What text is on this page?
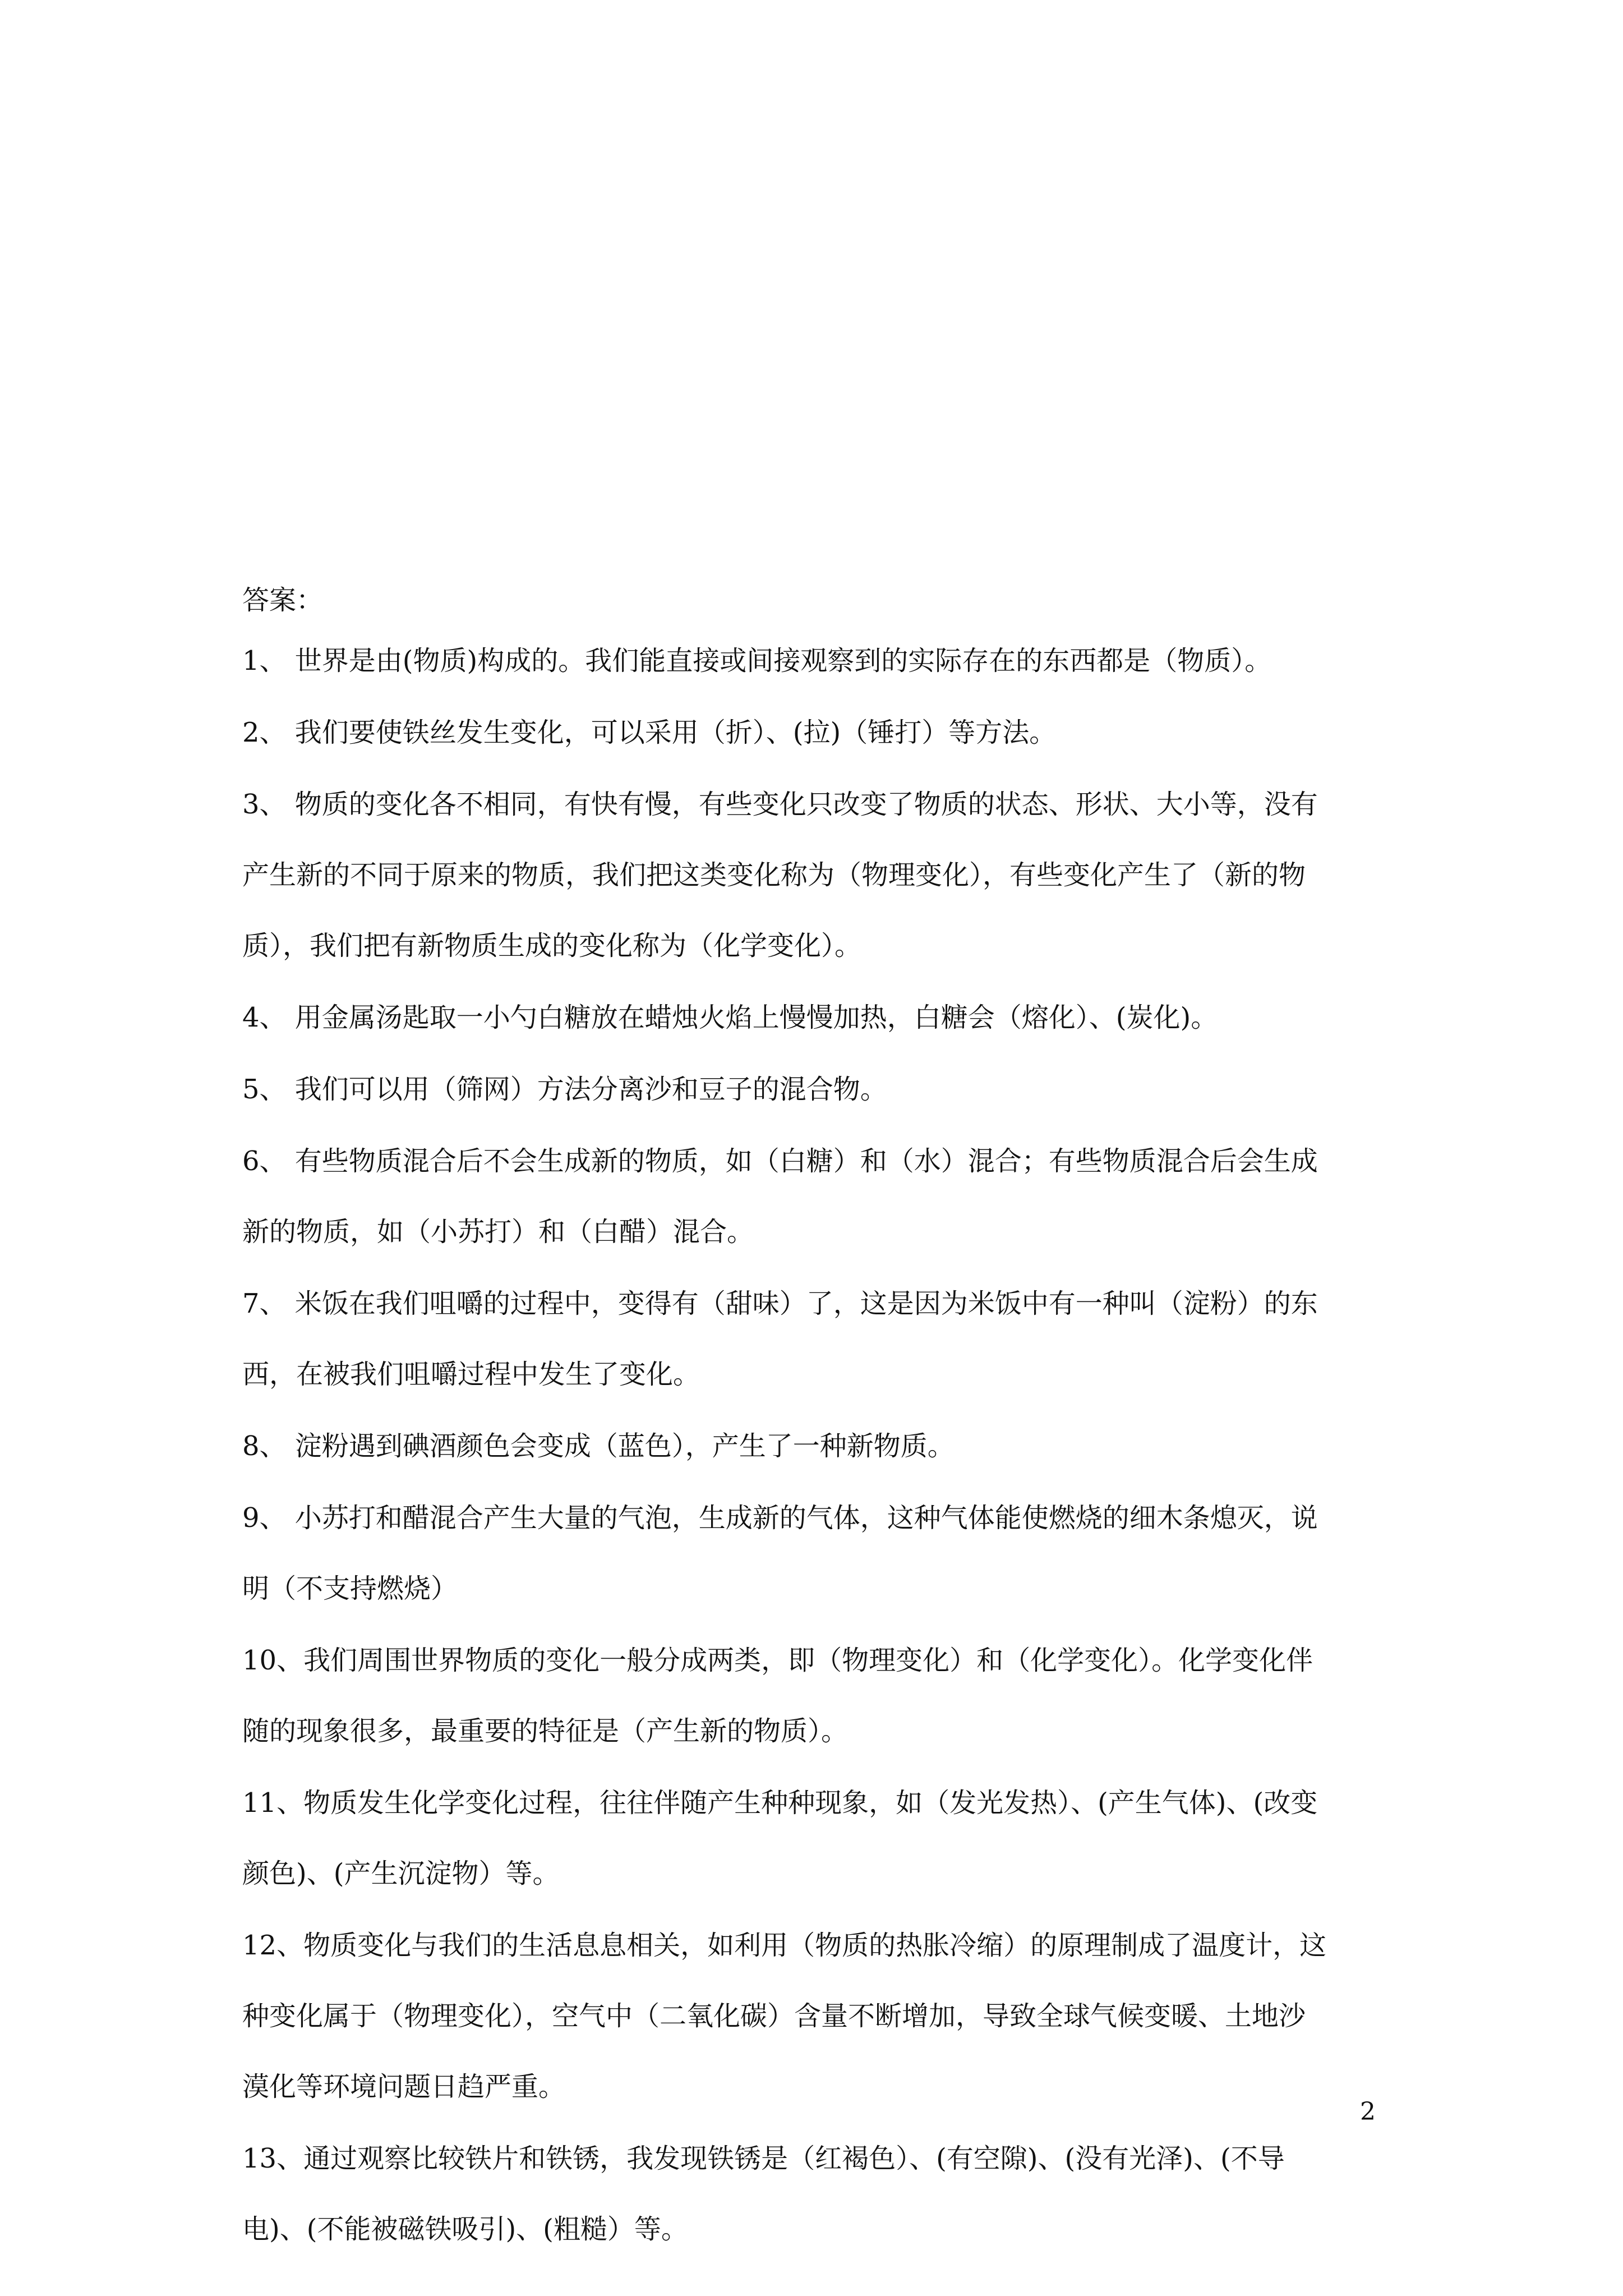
答案：

1、 世界是由(物质)构成的。我们能直接或间接观察到的实际存在的东西都是（物质）。

2、 我们要使铁丝发生变化，可以采用（折）、(拉)（锤打）等方法。

3、 物质的变化各不相同，有快有慢，有些变化只改变了物质的状态、形状、大小等，没有

产生新的不同于原来的物质，我们把这类变化称为（物理变化），有些变化产生了（新的物

质），我们把有新物质生成的变化称为（化学变化）。

4、 用金属汤匙取一小勺白糖放在蜡烛火焰上慢慢加热，白糖会（熔化）、(炭化)。

5、 我们可以用（筛网）方法分离沙和豆子的混合物。

6、 有些物质混合后不会生成新的物质，如（白糖）和（水）混合；有些物质混合后会生成

新的物质，如（小苏打）和（白醋）混合。

7、 米饭在我们咀嚼的过程中，变得有（甜味）了，这是因为米饭中有一种叫（淀粉）的东

西，在被我们咀嚼过程中发生了变化。

8、 淀粉遇到碘酒颜色会变成（蓝色），产生了一种新物质。

9、 小苏打和醋混合产生大量的气泡，生成新的气体，这种气体能使燃烧的细木条熄灭，说

明（不支持燃烧）

10、我们周围世界物质的变化一般分成两类，即（物理变化）和（化学变化）。化学变化伴

随的现象很多，最重要的特征是（产生新的物质）。

11、物质发生化学变化过程，往往伴随产生种种现象，如（发光发热）、(产生气体)、(改变

颜色)、(产生沉淀物）等。

12、物质变化与我们的生活息息相关，如利用（物质的热胀冷缩）的原理制成了温度计，这

种变化属于（物理变化），空气中（二氧化碳）含量不断增加，导致全球气候变暖、土地沙

漠化等环境问题日趋严重。

13、通过观察比较铁片和铁锈，我发现铁锈是（红褐色）、(有空隙)、(没有光泽)、(不导

电)、(不能被磁铁吸引)、(粗糙）等。

2
